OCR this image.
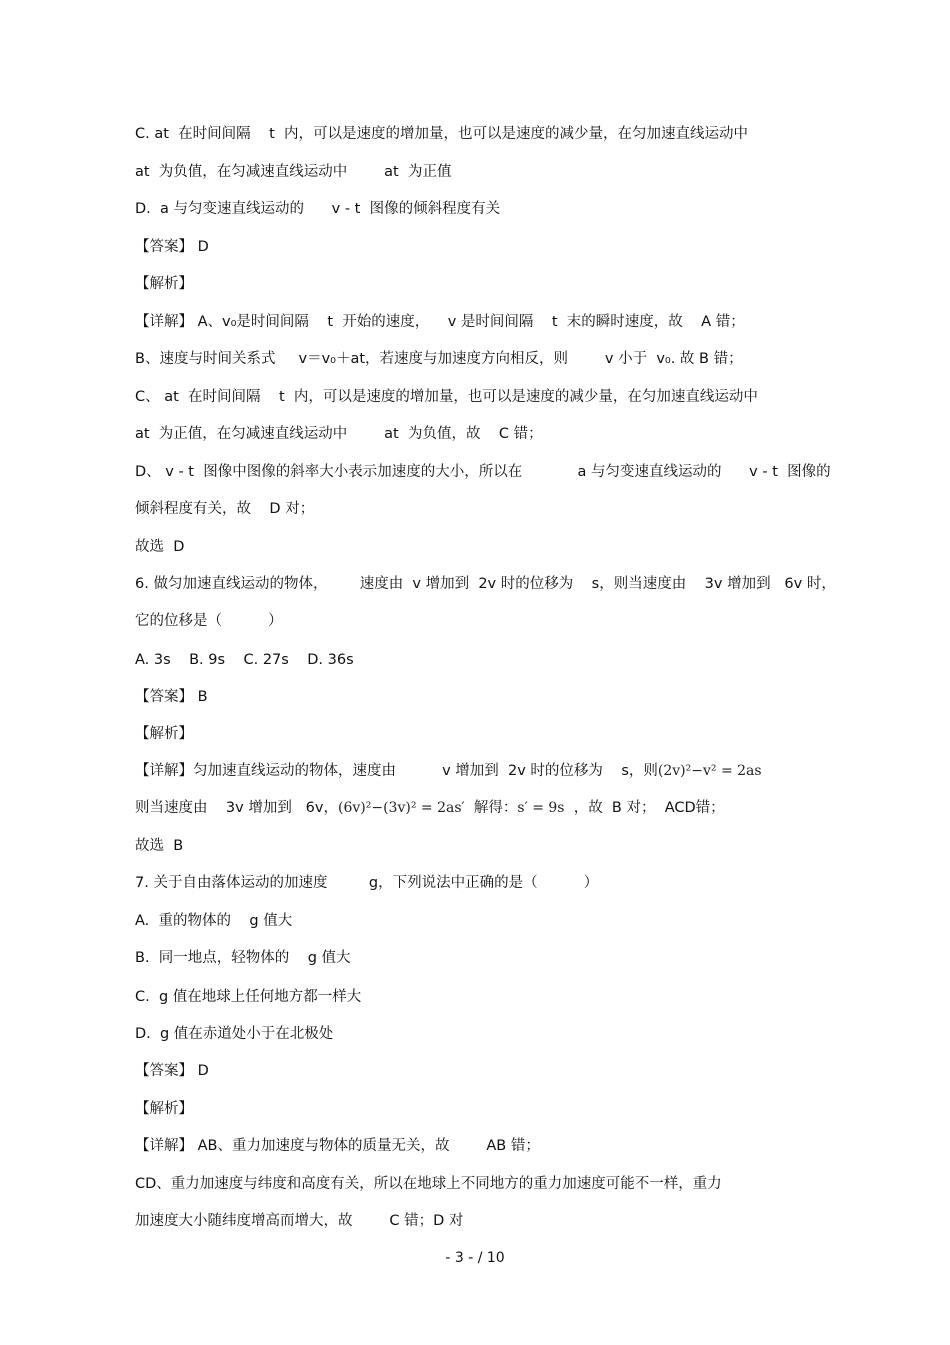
C. at  在时间间隔    t  内，可以是速度的增加量，也可以是速度的减少量，在匀加速直线运动中
at  为负值，在匀减速直线运动中        at  为正值
D.  a 与匀变速直线运动的      v - t  图像的倾斜程度有关
【答案】 D
【解析】
【详解】 A、v₀是时间间隔    t  开始的速度，    v 是时间间隔    t  末的瞬时速度，故    A 错；
B、速度与时间关系式     v＝v₀＋at，若速度与加速度方向相反，则        v 小于  v₀. 故 B 错；
C、 at  在时间间隔    t  内，可以是速度的增加量，也可以是速度的减少量，在匀加速直线运动中
at  为正值，在匀减速直线运动中        at  为负值，故    C 错；
D、 v - t  图像中图像的斜率大小表示加速度的大小，所以在            a 与匀变速直线运动的      v - t  图像的
倾斜程度有关，故    D 对；
故选  D
6. 做匀加速直线运动的物体，       速度由  v 增加到  2v 时的位移为    s，则当速度由    3v 增加到   6v 时，
它的位移是（          ）
A. 3s    B. 9s    C. 27s    D. 36s
【答案】 B
【解析】
7. 关于自由落体运动的加速度         g，下列说法中正确的是（          ）
A.  重的物体的    g 值大
B.  同一地点，轻物体的    g 值大
C.  g 值在地球上任何地方都一样大
D.  g 值在赤道处小于在北极处
【答案】 D
【解析】
【详解】 AB、重力加速度与物体的质量无关，故        AB 错；
CD、重力加速度与纬度和高度有关，所以在地球上不同地方的重力加速度可能不一样，重力
加速度大小随纬度增高而增大，故        C 错；D 对
【详解】匀加速直线运动的物体，速度由          v 增加到  2v 时的位移为    s，则(2v)²−v² = 2as
则当速度由    3v 增加到   6v，(6v)²−(3v)² = 2as′  解得：s′ = 9s  ，故  B 对；  ACD错；
故选  B
- 3 - / 10
